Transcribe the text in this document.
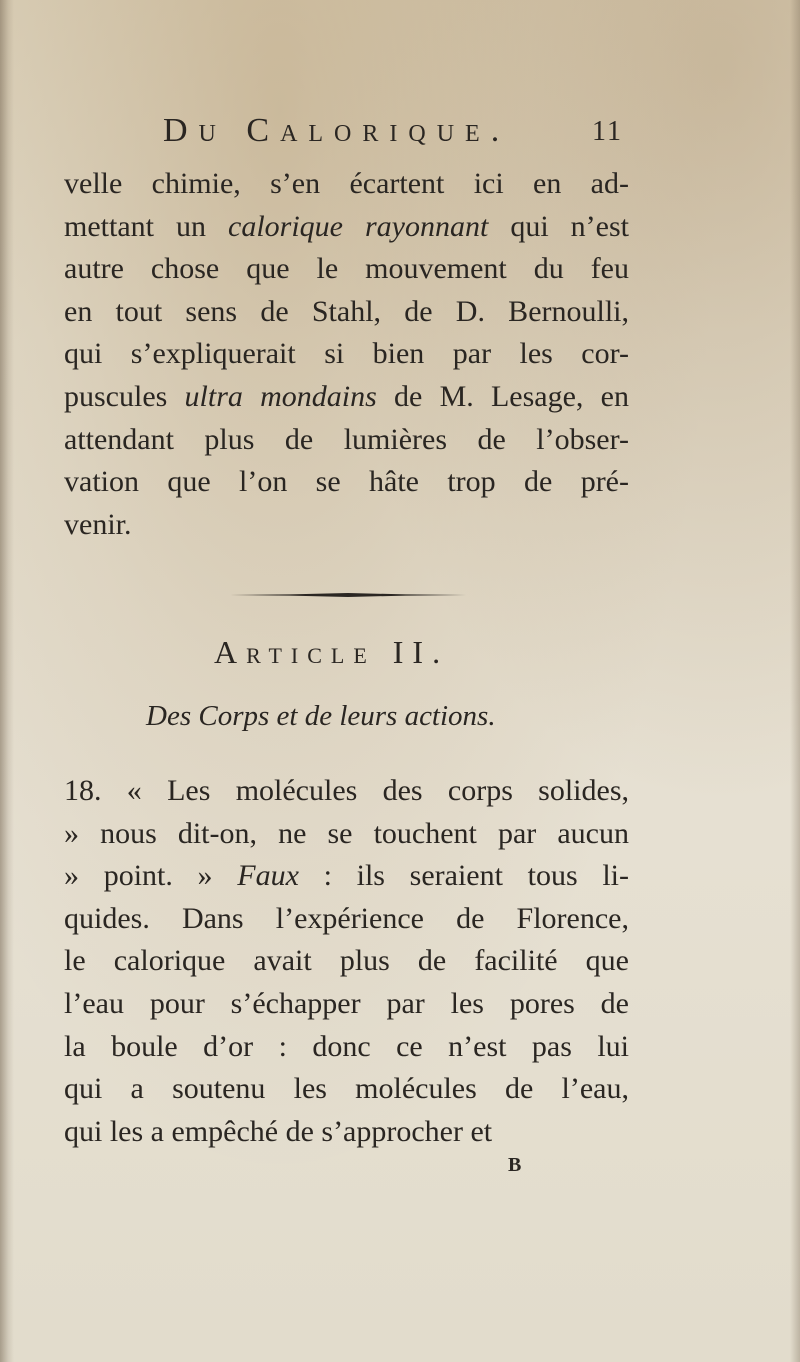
Du Calorique.	11
velle chimie, s’en écartent ici en ad-
mettant un calorique rayonnant qui n’est
autre chose que le mouvement du feu
en tout sens de Stahl, de D. Bernoulli,
qui s’expliquerait si bien par les cor-
puscules ultra mondains de M. Lesage, en
attendant plus de lumières de l’obser-
vation que l’on se hâte trop de pré-
venir.
Article II.
Des Corps et de leurs actions.
18. « Les molécules des corps solides,
» nous dit-on, ne se touchent par aucun
» point. » Faux : ils seraient tous li-
quides. Dans l’expérience de Florence,
le calorique avait plus de facilité que
l’eau pour s’échapper par les pores de
la boule d’or : donc ce n’est pas lui
qui a soutenu les molécules de l’eau,
qui les a empêché de s’approcher et
B
